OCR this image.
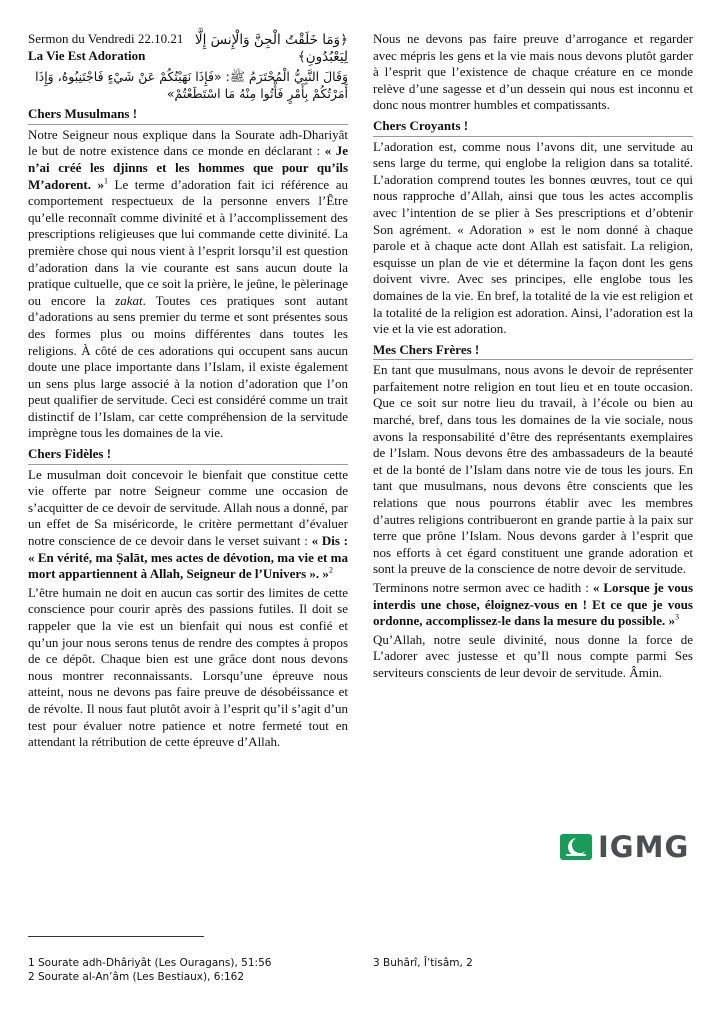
Sermon du Vendredi 22.10.21
La Vie Est Adoration

﴿وَمَا خَلَقْتُ الْجِنَّ وَالْإِنسَ إِلَّا لِيَعْبُدُونِ﴾

وَقَالَ النَّبِيُّ الْمُحْتَرَمُ ﷺ: «فَإِذَا نَهَيْتُكُمْ عَنْ شَيْءٍ فَاجْتَنِبُوهُ، وَإِذَا أَمَرْتُكُمْ بِأَمْرٍ فَأْتُوا مِنْهُ مَا اسْتَطَعْتُمْ»

Chers Musulmans !

Notre Seigneur nous explique dans la Sourate adh-Dhariyât le but de notre existence dans ce monde en déclarant : « Je n’ai créé les djinns et les hommes que pour qu’ils M’adorent. »$^1$ Le terme d’adoration fait ici référence au comportement respectueux de la personne envers l’Être qu’elle reconnaît comme divinité et à l’accomplissement des prescriptions religieuses que lui commande cette divinité. La première chose qui nous vient à l’esprit lorsqu’il est question d’adoration dans la vie courante est sans aucun doute la pratique cultuelle, que ce soit la prière, le jeûne, le pèlerinage ou encore la zakat. Toutes ces pratiques sont autant d’adorations au sens premier du terme et sont présentes sous des formes plus ou moins différentes dans toutes les religions. À côté de ces adorations qui occupent sans aucun doute une place importante dans l’Islam, il existe également un sens plus large associé à la notion d’adoration que l’on peut qualifier de servitude. Ceci est considéré comme un trait distinctif de l’Islam, car cette compréhension de la servitude imprègne tous les domaines de la vie.

Chers Fidèles !

Le musulman doit concevoir le bienfait que constitue cette vie offerte par notre Seigneur comme une occasion de s’acquitter de ce devoir de servitude. Allah nous a donné, par un effet de Sa miséricorde, le critère permettant d’évaluer notre conscience de ce devoir dans le verset suivant : « Dis : « En vérité, ma Ṣalāt, mes actes de dévotion, ma vie et ma mort appartiennent à Allah, Seigneur de l’Univers ». »$^2$

L’être humain ne doit en aucun cas sortir des limites de cette conscience pour courir après des passions futiles. Il doit se rappeler que la vie est un bienfait qui nous est confié et qu’un jour nous serons tenus de rendre des comptes à propos de ce dépôt. Chaque bien est une grâce dont nous devons nous montrer reconnaissants. Lorsqu’une épreuve nous atteint, nous ne devons pas faire preuve de désobéissance et de révolte. Il nous faut plutôt avoir à l’esprit qu’il s’agit d’un test pour évaluer notre patience et notre fermeté tout en attendant la rétribution de cette épreuve d’Allah.

Nous ne devons pas faire preuve d’arrogance et regarder avec mépris les gens et la vie mais nous devons plutôt garder à l’esprit que l’existence de chaque créature en ce monde relève d’une sagesse et d’un dessein qui nous est inconnu et donc nous montrer humbles et compatissants.

Chers Croyants !

L’adoration est, comme nous l’avons dit, une servitude au sens large du terme, qui englobe la religion dans sa totalité. L’adoration comprend toutes les bonnes œuvres, tout ce qui nous rapproche d’Allah, ainsi que tous les actes accomplis avec l’intention de se plier à Ses prescriptions et d’obtenir Son agrément. « Adoration » est le nom donné à chaque parole et à chaque acte dont Allah est satisfait. La religion, esquisse un plan de vie et détermine la façon dont les gens doivent vivre. Avec ses principes, elle englobe tous les domaines de la vie. En bref, la totalité de la vie est religion et la totalité de la religion est adoration. Ainsi, l’adoration est la vie et la vie est adoration.

Mes Chers Frères !

En tant que musulmans, nous avons le devoir de représenter parfaitement notre religion en tout lieu et en toute occasion. Que ce soit sur notre lieu du travail, à l’école ou bien au marché, bref, dans tous les domaines de la vie sociale, nous avons la responsabilité d’être des représentants exemplaires de l’Islam. Nous devons être des ambassadeurs de la beauté et de la bonté de l’Islam dans notre vie de tous les jours. En tant que musulmans, nous devons être conscients que les relations que nous pourrons établir avec les membres d’autres religions contribueront en grande partie à la paix sur terre que prône l’Islam. Nous devons garder à l’esprit que nos efforts à cet égard constituent une grande adoration et sont la preuve de la conscience de notre devoir de servitude.

Terminons notre sermon avec ce hadith : « Lorsque je vous interdis une chose, éloignez-vous en ! Et ce que je vous ordonne, accomplissez-le dans la mesure du possible. »$^3$

Qu’Allah, notre seule divinité, nous donne la force de L’adorer avec justesse et qu’Il nous compte parmi Ses serviteurs conscients de leur devoir de servitude. Âmin.

IGMG
1 Sourate adh-Dhâriyât (Les Ouragans), 51:56
2 Sourate al-An’âm (Les Bestiaux), 6:162
3 Buhârî, Î’tisâm, 2
